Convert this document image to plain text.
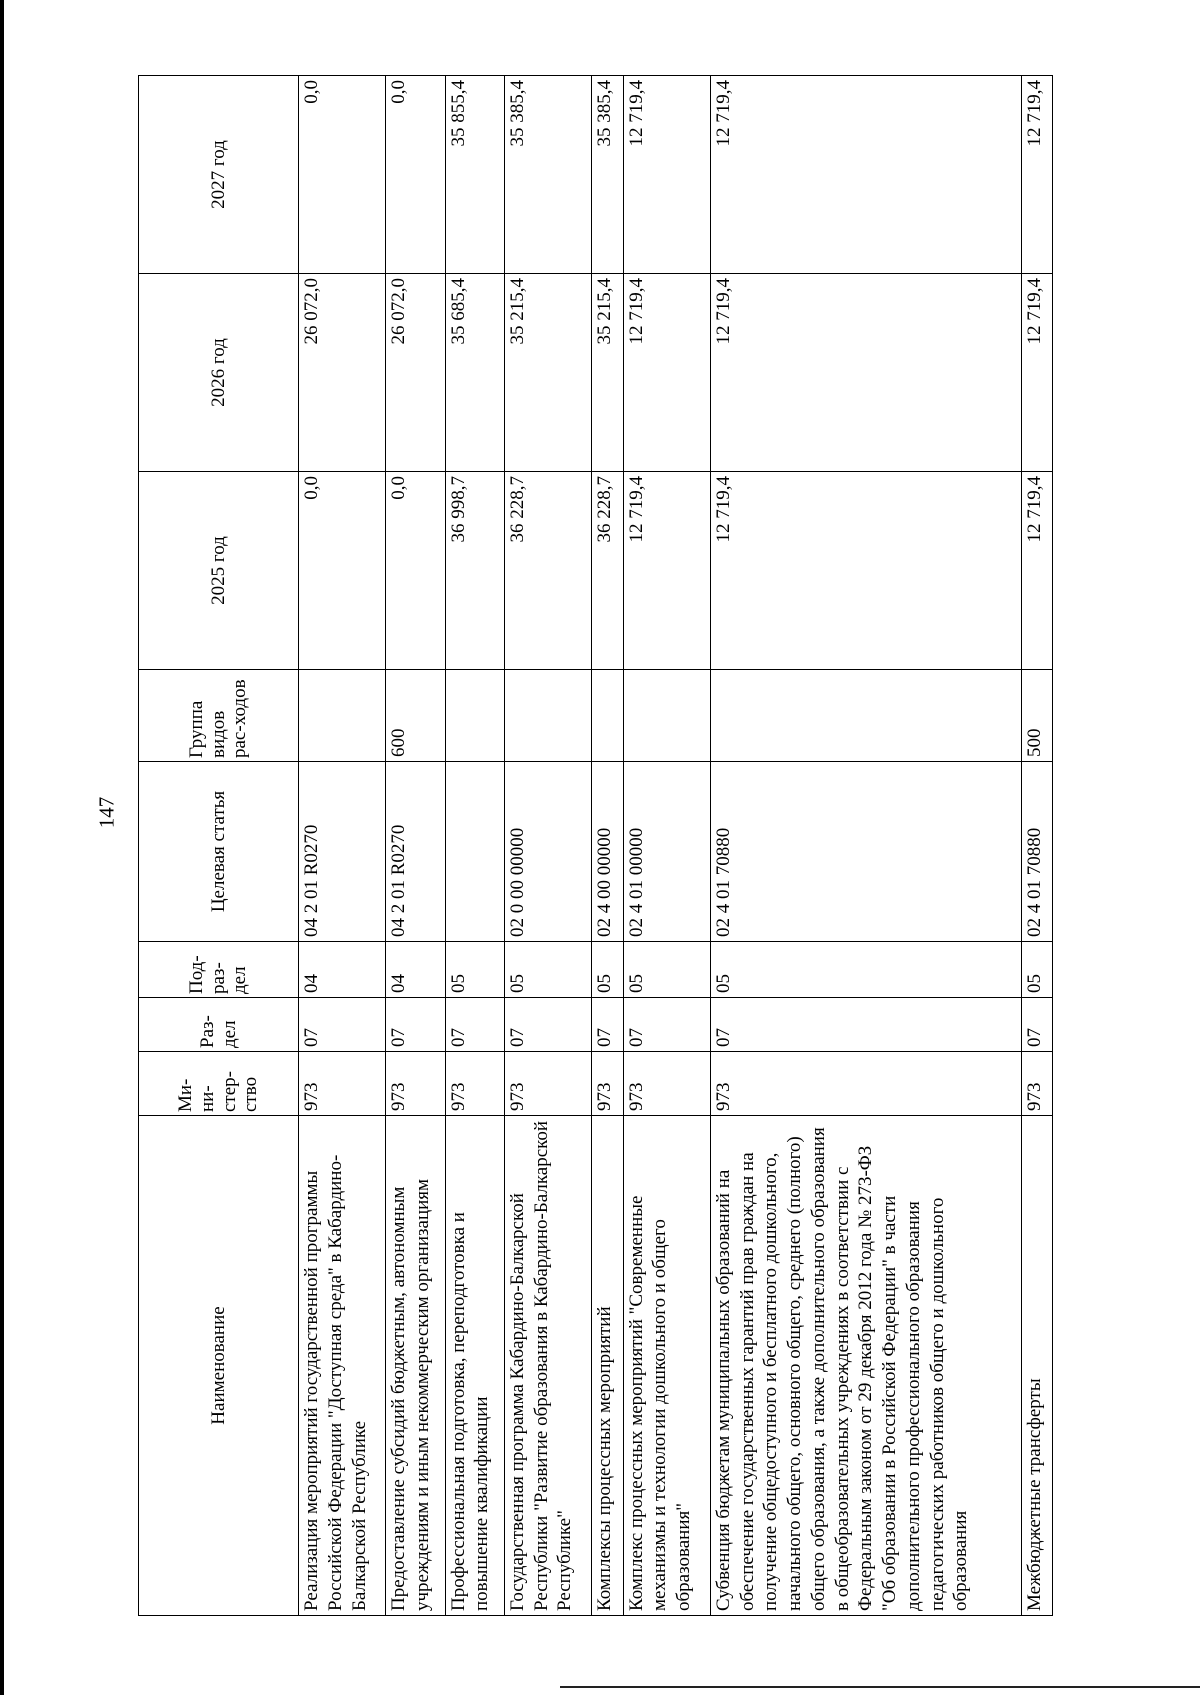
147
Наименование	Ми-ни-стер-ство	Раз-дел	Под-раз-дел	Целевая статья	Группа видов рас-ходов	2025 год	2026 год	2027 год
Реализация мероприятий государственной программы Российской Федерации "Доступная среда" в Кабардино-Балкарской Республике	973	07	04	04 2 01 R0270		0,0	26 072,0	0,0
Предоставление субсидий бюджетным, автономным учреждениям и иным некоммерческим организациям	973	07	04	04 2 01 R0270	600	0,0	26 072,0	0,0
Профессиональная подготовка, переподготовка и повышение квалификации	973	07	05			36 998,7	35 685,4	35 855,4
Государственная программа Кабардино-Балкарской Республики "Развитие образования в Кабардино-Балкарской Республике"	973	07	05	02 0 00 00000		36 228,7	35 215,4	35 385,4
Комплексы процессных мероприятий	973	07	05	02 4 00 00000		36 228,7	35 215,4	35 385,4
Комплекс процессных мероприятий "Современные механизмы и технологии дошкольного и общего образования"	973	07	05	02 4 01 00000		12 719,4	12 719,4	12 719,4
Субвенция бюджетам муниципальных образований на обеспечение государственных гарантий прав граждан на получение общедоступного и бесплатного дошкольного, начального общего, основного общего, среднего (полного) общего образования, а также дополнительного образования в общеобразовательных учреждениях в соответствии с Федеральным законом от 29 декабря 2012 года № 273-ФЗ "Об образовании в Российской Федерации" в части дополнительного профессионального образования педагогических работников общего и дошкольного образования	973	07	05	02 4 01 70880		12 719,4	12 719,4	12 719,4
Межбюджетные трансферты	973	07	05	02 4 01 70880	500	12 719,4	12 719,4	12 719,4
